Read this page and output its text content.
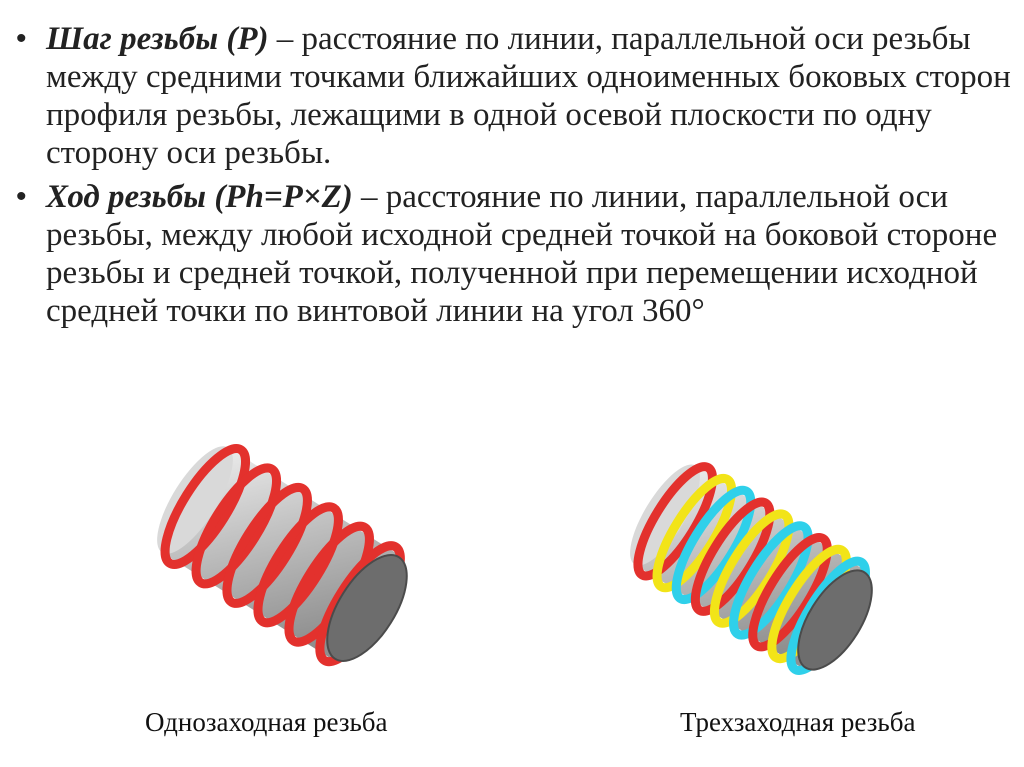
• Шаг резьбы (Р) – расстояние по линии, параллельной оси резьбы между средними точками ближайших одноименных боковых сторон профиля резьбы, лежащими в одной осевой плоскости по одну сторону оси резьбы.
• Ход резьбы (Ph=P×Z) – расстояние по линии, параллельной оси резьбы, между любой исходной средней точкой на боковой стороне резьбы и средней точкой, полученной при перемещении исходной средней точки по винтовой линии на угол 360°
Однозаходная резьба	Трехзаходная резьба
